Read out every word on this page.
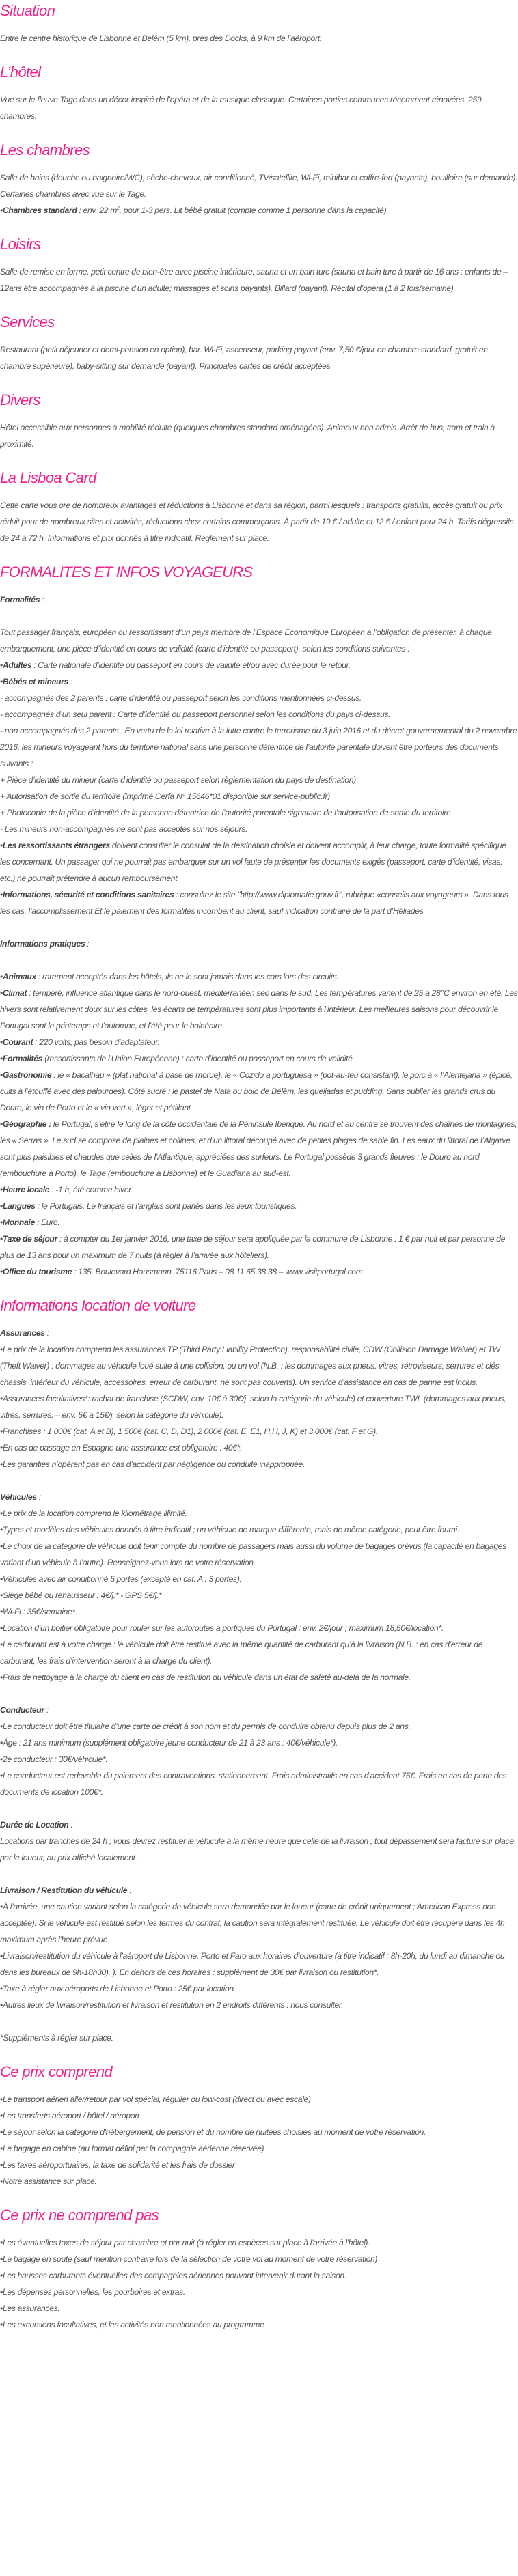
Situation

Entre le centre historique de Lisbonne et Belém (5 km), près des Docks, à 9 km de l’aéroport.

L’hôtel

Vue sur le fleuve Tage dans un décor inspiré de l’opéra et de la musique classique. Certaines parties communes récemment rénovées. 259 chambres.

Les chambres

Salle de bains (douche ou baignoire/WC), sèche-cheveux, air conditionné, TV/satellite, Wi-Fi, minibar et coffre-fort (payants), bouilloire (sur demande). Certaines chambres avec vue sur le Tage.

• Chambres standard : env. 22 $m^2$, pour 1-3 pers. Lit bébé gratuit (compte comme 1 personne dans la capacité).

Loisirs

Salle de remise en forme, petit centre de bien-être avec piscine intérieure, sauna et un bain turc (sauna et bain turc à partir de 16 ans ; enfants de – 12ans être accompagnés à la piscine d’un adulte; massages et soins payants). Billard (payant). Récital d’opéra (1 à 2 fois/semaine).

Services

Restaurant (petit déjeuner et demi-pension en option), bar. Wi-Fi, ascenseur, parking payant (env. 7,50 €/jour en chambre standard, gratuit en chambre supérieure), baby-sitting sur demande (payant). Principales cartes de crédit acceptées.

Divers

Hôtel accessible aux personnes à mobilité réduite (quelques chambres standard aménagées). Animaux non admis. Arrêt de bus, tram et train à proximité.

La Lisboa Card

Cette carte vous ore de nombreux avantages et réductions à Lisbonne et dans sa région, parmi lesquels : transports gratuits, accès gratuit ou prix réduit pour de nombreux sites et activités, réductions chez certains commerçants. À partir de 19 € / adulte et 12 € / enfant pour 24 h. Tarifs dégressifs de 24 à 72 h. Informations et prix donnés à titre indicatif. Règlement sur place.

FORMALITES ET INFOS VOYAGEURS

Formalités :

Tout passager français, européen ou ressortissant d’un pays membre de l’Espace Economique Européen a l’obligation de présenter, à chaque embarquement, une pièce d’identité en cours de validité (carte d’identité ou passeport), selon les conditions suivantes :

• Adultes : Carte nationale d’identité ou passeport en cours de validité et/ou avec durée pour le retour.

• Bébés et mineurs :

- accompagnés des 2 parents : carte d’identité ou passeport selon les conditions mentionnées ci-dessus.

- accompagnés d’un seul parent : Carte d’identité ou passeport personnel selon les conditions du pays ci-dessus.

- non accompagnés des 2 parents : En vertu de la loi relative à la lutte contre le terrorisme du 3 juin 2016 et du décret gouvernemental du 2 novembre 2016, les mineurs voyageant hors du territoire national sans une personne détentrice de l’autorité parentale doivent être porteurs des documents suivants :

+ Pièce d’identité du mineur (carte d’identité ou passeport selon règlementation du pays de destination)

+ Autorisation de sortie du territoire (imprimé Cerfa N° 15646*01 disponible sur service-public.fr)

+ Photocopie de la pièce d’identité de la personne détentrice de l’autorité parentale signataire de l’autorisation de sortie du territoire

- Les mineurs non-accompagnés ne sont pas acceptés sur nos séjours.

• Les ressortissants étrangers doivent consulter le consulat de la destination choisie et doivent accomplir, à leur charge, toute formalité spécifique les concernant. Un passager qui ne pourrait pas embarquer sur un vol faute de présenter les documents exigés (passeport, carte d’identité, visas, etc.) ne pourrait prétendre à aucun remboursement.

• Informations, sécurité et conditions sanitaires : consultez le site "http://www.diplomatie.gouv.fr", rubrique «conseils aux voyageurs ». Dans tous les cas, l’accomplissement Et le paiement des formalités incombent au client, sauf indication contraire de la part d’Héliades

Informations pratiques :

• Animaux : rarement acceptés dans les hôtels, ils ne le sont jamais dans les cars lors des circuits.

• Climat : tempéré, influence atlantique dans le nord-ouest, méditerranéen sec dans le sud. Les températures varient de 25 à 28°C environ en été. Les hivers sont relativement doux sur les côtes, les écarts de températures sont plus importants à l’intérieur. Les meilleures saisons pour découvrir le Portugal sont le printemps et l’automne, et l’été pour le balnéaire.

• Courant : 220 volts, pas besoin d’adaptateur.

• Formalités (ressortissants de l’Union Européenne) : carte d’identité ou passeport en cours de validité

• Gastronomie : le « bacalhau » (plat national à base de morue), le « Cozido a portuguesa » (pot-au-feu consistant), le porc à « l’Alentejana » (épicé, cuits à l’étouffé avec des palourdes). Côté sucré : le pastel de Nata ou bolo de Bélèm, les queijadas et pudding. Sans oublier les grands crus du Douro, le vin de Porto et le « vin vert », léger et pétillant.

• Géographie : le Portugal, s’étire le long de la côte occidentale de la Péninsule Ibérique. Au nord et au centre se trouvent des chaînes de montagnes, les « Serras ». Le sud se compose de plaines et collines, et d’un littoral découpé avec de petites plages de sable fin. Les eaux du littoral de l’Algarve sont plus paisibles et chaudes que celles de l’Atlantique, appréciées des surfeurs. Le Portugal possède 3 grands fleuves : le Douro au nord (embouchure à Porto), le Tage (embouchure à Lisbonne) et le Guadiana au sud-est.

• Heure locale : -1 h, été comme hiver.

• Langues : le Portugais. Le français et l’anglais sont parlés dans les lieux touristiques.

• Monnaie : Euro.

• Taxe de séjour : à compter du 1er janvier 2016, une taxe de séjour sera appliquée par la commune de Lisbonne : 1 € par nuit et par personne de plus de 13 ans pour un maximum de 7 nuits (à régler à l’arrivée aux hôteliers).

• Office du tourisme : 135, Boulevard Hausmann, 75116 Paris – 08 11 65 38 38 – www.visitportugal.com

Informations location de voiture

Assurances :

• Le prix de la location comprend les assurances TP (Third Party Liability Protection), responsabilité civile, CDW (Collision Damage Waiver) et TW (Theft Waiver) : dommages au véhicule loué suite à une collision, ou un vol (N.B. : les dommages aux pneus, vitres, rétroviseurs, serrures et clés, chassis, intérieur du véhicule, accessoires, erreur de carburant, ne sont pas couverts). Un service d’assistance en cas de panne est inclus.

• Assurances facultatives*: rachat de franchise (SCDW, env. 10€ à 30€/j. selon la catégorie du véhicule) et couverture TWL (dommages aux pneus, vitres, serrures, – env. 5€ à 15€/j. selon la catégorie du véhicule).

• Franchises : 1 000€ (cat. A et B), 1 500€ (cat. C, D, D1), 2 000€ (cat. E, E1, H,H, J, K) et 3 000€ (cat. F et G).

• En cas de passage en Espagne une assurance est obligatoire : 40€*.

• Les garanties n’opèrent pas en cas d’accident par négligence ou conduite inappropriée.

Véhicules :

• Le prix de la location comprend le kilométrage illimité.

• Types et modèles des véhicules donnés à titre indicatif ; un véhicule de marque différente, mais de même catégorie, peut être fourni.

• Le choix de la catégorie de véhicule doit tenir compte du nombre de passagers mais aussi du volume de bagages prévus (la capacité en bagages variant d’un véhicule à l’autre). Renseignez-vous lors de votre réservation.

• Véhicules avec air conditionné 5 portes (excepté en cat. A : 3 portes).

• Siège bébé ou rehausseur : 4€/j.* - GPS 5€/j.*

• Wi-Fi : 35€/semaine*.

• Location d’un boitier obligatoire pour rouler sur les autoroutes à portiques du Portugal : env. 2€/jour ; maximum 18,50€/location*.

• Le carburant est à votre charge : le véhicule doit être restitué avec la même quantité de carburant qu’à la livraison (N.B. : en cas d’erreur de carburant, les frais d’intervention seront à la charge du client).

• Frais de nettoyage à la charge du client en cas de restitution du véhicule dans un état de saleté au-delà de la normale.

Conducteur :

• Le conducteur doit être titulaire d’une carte de crédit à son nom et du permis de conduire obtenu depuis plus de 2 ans.

• Âge : 21 ans minimum (supplément obligatoire jeune conducteur de 21 à 23 ans : 40€/véhicule*).

• 2e conducteur : 30€/véhicule*.

• Le conducteur est redevable du paiement des contraventions, stationnement. Frais administratifs en cas d’accident 75€. Frais en cas de perte des documents de location 100€*.

Durée de Location :

Locations par tranches de 24 h ; vous devrez restituer le véhicule à la même heure que celle de la livraison ; tout dépassement sera facturé sur place par le loueur, au prix affiché localement.

Livraison / Restitution du véhicule :

• À l’arrivée, une caution variant selon la catégorie de véhicule sera demandée par le loueur (carte de crédit uniquement ; American Express non acceptée). Si le véhicule est restitué selon les termes du contrat, la caution sera intégralement restituée. Le véhicule doit être récupéré dans les 4h maximum après l'heure prévue.

• Livraison/restitution du véhicule à l’aéroport de Lisbonne, Porto et Faro aux horaires d’ouverture (à titre indicatif : 8h-20h, du lundi au dimanche ou dans les bureaux de 9h-18h30). ). En dehors de ces horaires : supplément de 30€ par livraison ou restitution*.

• Taxe à régler aux aéroports de Lisbonne et Porto : 25€ par location.

• Autres lieux de livraison/restitution et livraison et restitution en 2 endroits différents : nous consulter.

*Suppléments à régler sur place.

Ce prix comprend

• Le transport aérien aller/retour par vol spécial, régulier ou low-cost (direct ou avec escale)

• Les transferts aéroport / hôtel / aéroport

• Le séjour selon la catégorie d'hébergement, de pension et du nombre de nuitées choisies au moment de votre réservation.

• Le bagage en cabine (au format défini par la compagnie aérienne réservée)

• Les taxes aéroportuaires, la taxe de solidarité et les frais de dossier

• Notre assistance sur place.

Ce prix ne comprend pas

• Les éventuelles taxes de séjour par chambre et par nuit (à régler en espèces sur place à l'arrivée à l'hôtel).

• Le bagage en soute (sauf mention contraire lors de la sélection de votre vol au moment de votre réservation)

• Les hausses carburants éventuelles des compagnies aériennes pouvant intervenir durant la saison.

• Les dépenses personnelles, les pourboires et extras.

• Les assurances.

• Les excursions facultatives, et les activités non mentionnées au programme
